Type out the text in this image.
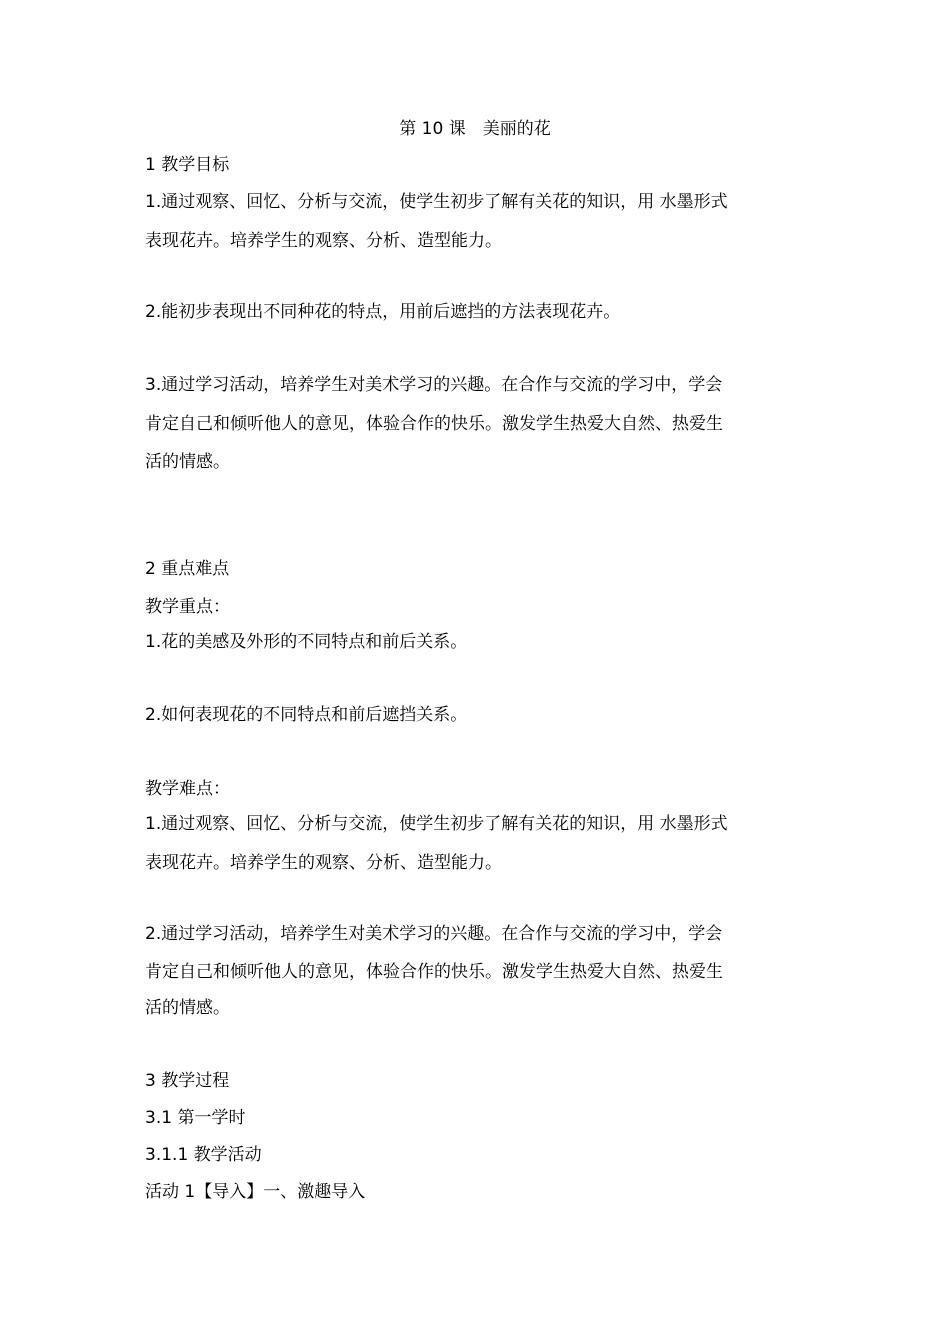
第 10 课　美丽的花
1 教学目标
1.通过观察、回忆、分析与交流，使学生初步了解有关花的知识，用 水墨形式
表现花卉。培养学生的观察、分析、造型能力。
2.能初步表现出不同种花的特点，用前后遮挡的方法表现花卉。
3.通过学习活动，培养学生对美术学习的兴趣。在合作与交流的学习中，学会
肯定自己和倾听他人的意见，体验合作的快乐。激发学生热爱大自然、热爱生
活的情感。
2 重点难点
教学重点：
1.花的美感及外形的不同特点和前后关系。
2.如何表现花的不同特点和前后遮挡关系。
教学难点：
1.通过观察、回忆、分析与交流，使学生初步了解有关花的知识，用 水墨形式
表现花卉。培养学生的观察、分析、造型能力。
2.通过学习活动，培养学生对美术学习的兴趣。在合作与交流的学习中，学会
肯定自己和倾听他人的意见，体验合作的快乐。激发学生热爱大自然、热爱生
活的情感。
3 教学过程
3.1 第一学时
3.1.1 教学活动
活动 1【导入】一、激趣导入
